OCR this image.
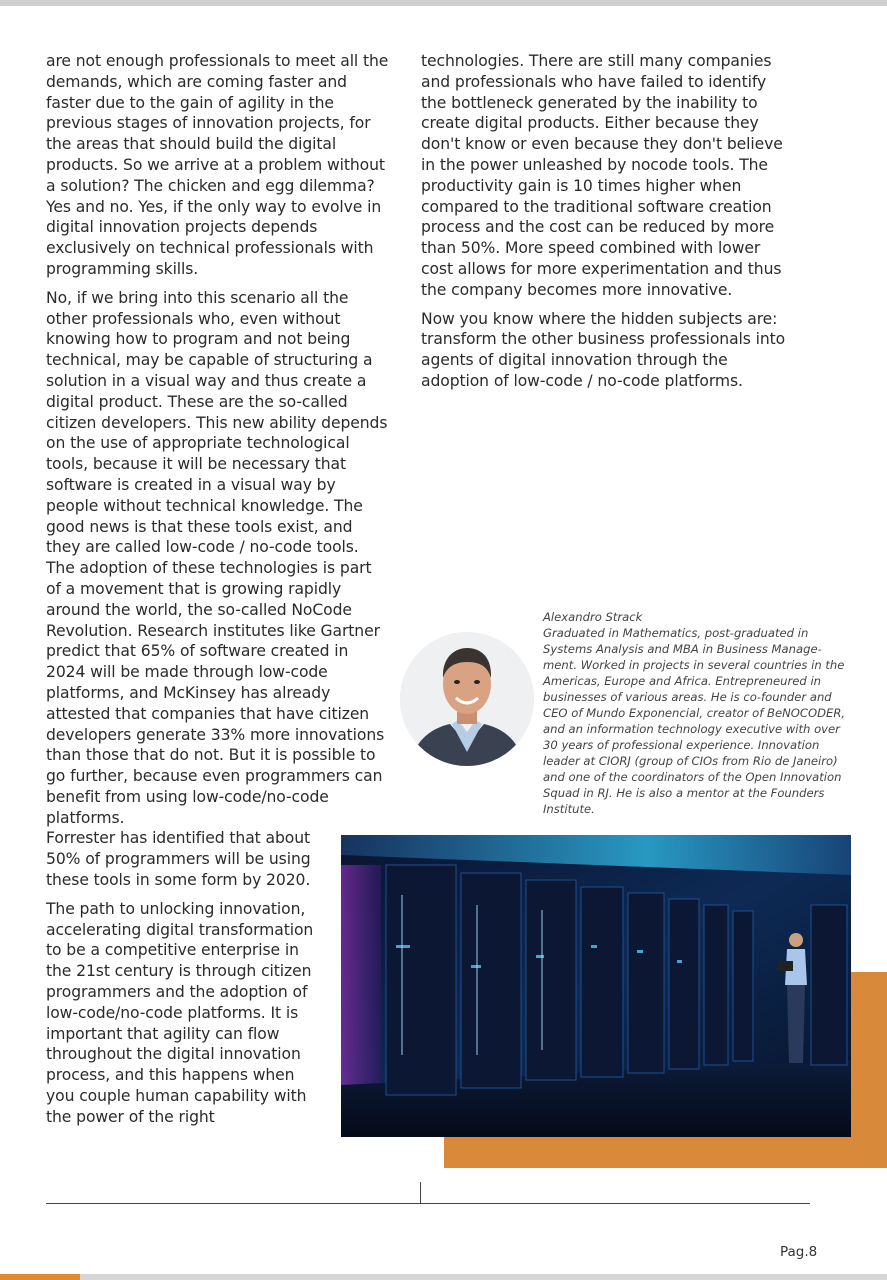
are not enough professionals to meet all the demands, which are coming faster and faster due to the gain of agility in the previous stages of innovation projects, for the areas that should build the digital products. So we arrive at a problem without a solution? The chicken and egg dilemma? Yes and no. Yes, if the only way to evolve in digital innovation projects depends exclusively on technical professionals with programming skills.

No, if we bring into this scenario all the other professionals who, even without knowing how to program and not being technical, may be capable of structuring a solution in a visual way and thus create a digital product. These are the so-called citizen developers. This new ability depends on the use of appropriate technological tools, because it will be necessary that software is created in a visual way by people without technical knowledge. The good news is that these tools exist, and they are called low-code / no-code tools. The adoption of these technologies is part of a movement that is growing rapidly around the world, the so-called NoCode Revolution. Research institutes like Gartner predict that 65% of software created in 2024 will be made through low-code platforms, and McKinsey has already attested that companies that have citizen developers generate 33% more innovations than those that do not. But it is possible to go further, because even programmers can benefit from using low-code/no-code platforms.

Forrester has identified that about 50% of programmers will be using these tools in some form by 2020.

The path to unlocking innovation, accelerating digital transformation to be a competitive enterprise in the 21st century is through citizen programmers and the adoption of low-code/no-code platforms. It is important that agility can flow throughout the digital innovation process, and this happens when you couple human capability with the power of the right

technologies. There are still many companies and professionals who have failed to identify the bottleneck generated by the inability to create digital products. Either because they don't know or even because they don't believe in the power unleashed by nocode tools. The productivity gain is 10 times higher when compared to the traditional software creation process and the cost can be reduced by more than 50%. More speed combined with lower cost allows for more experimentation and thus the company becomes more innovative.

Now you know where the hidden subjects are: transform the other business professionals into agents of digital innovation through the adoption of low-code / no-code platforms.

Alexandro Strack

Graduated in Mathematics, post-graduated in Systems Analysis and MBA in Business Manage-ment. Worked in projects in several countries in the Americas, Europe and Africa. Entrepreneured in businesses of various areas. He is co-founder and CEO of Mundo Exponencial, creator of BeNOCODER, and an information technology executive with over 30 years of professional experience. Innovation leader at CIORJ (group of CIOs from Rio de Janeiro) and one of the coordinators of the Open Innovation Squad in RJ. He is also a mentor at the Founders Institute.

Pag.8
